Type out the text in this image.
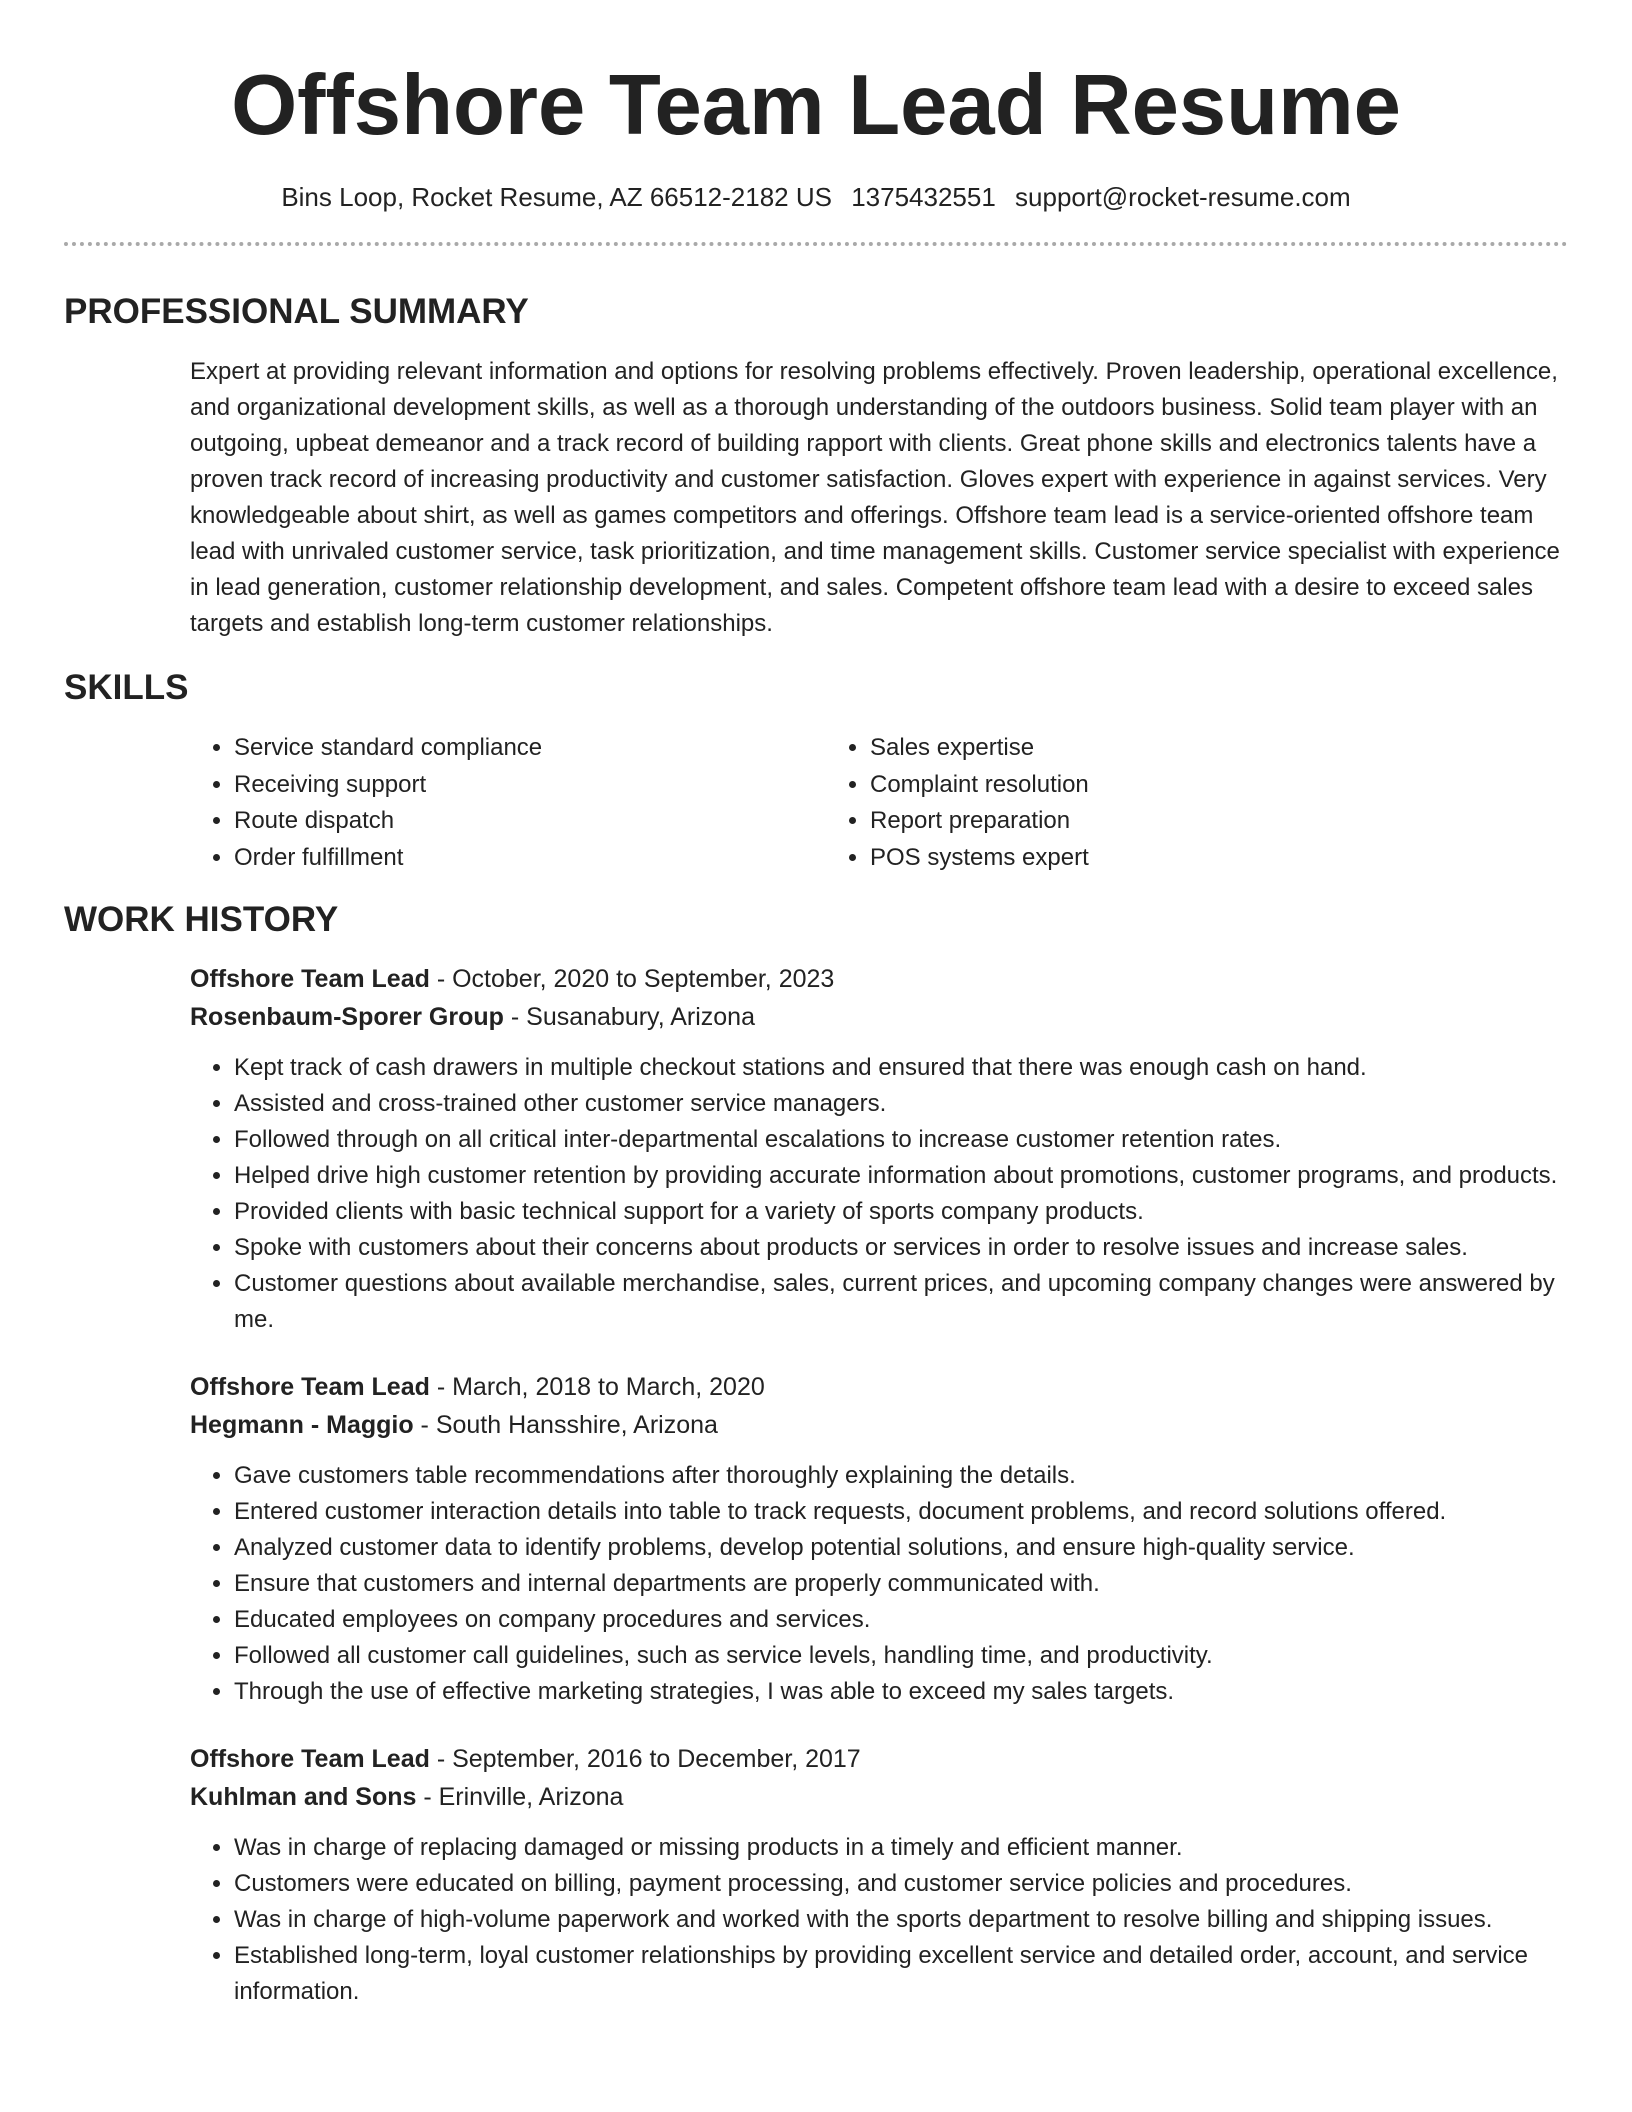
Offshore Team Lead Resume
Bins Loop, Rocket Resume, AZ 66512-2182 US 1375432551 support@rocket-resume.com
PROFESSIONAL SUMMARY

Expert at providing relevant information and options for resolving problems effectively. Proven leadership, operational excellence, and organizational development skills, as well as a thorough understanding of the outdoors business. Solid team player with an outgoing, upbeat demeanor and a track record of building rapport with clients. Great phone skills and electronics talents have a proven track record of increasing productivity and customer satisfaction. Gloves expert with experience in against services. Very knowledgeable about shirt, as well as games competitors and offerings. Offshore team lead is a service-oriented offshore team lead with unrivaled customer service, task prioritization, and time management skills. Customer service specialist with experience in lead generation, customer relationship development, and sales. Competent offshore team lead with a desire to exceed sales targets and establish long-term customer relationships.

SKILLS
• Service standard compliance
• Receiving support
• Route dispatch
• Order fulfillment
• Sales expertise
• Complaint resolution
• Report preparation
• POS systems expert
WORK HISTORY
Offshore Team Lead - October, 2020 to September, 2023
Rosenbaum-Sporer Group - Susanabury, Arizona
• Kept track of cash drawers in multiple checkout stations and ensured that there was enough cash on hand.
• Assisted and cross-trained other customer service managers.
• Followed through on all critical inter-departmental escalations to increase customer retention rates.
• Helped drive high customer retention by providing accurate information about promotions, customer programs, and products.
• Provided clients with basic technical support for a variety of sports company products.
• Spoke with customers about their concerns about products or services in order to resolve issues and increase sales.
• Customer questions about available merchandise, sales, current prices, and upcoming company changes were answered by me.
Offshore Team Lead - March, 2018 to March, 2020
Hegmann - Maggio - South Hansshire, Arizona
• Gave customers table recommendations after thoroughly explaining the details.
• Entered customer interaction details into table to track requests, document problems, and record solutions offered.
• Analyzed customer data to identify problems, develop potential solutions, and ensure high-quality service.
• Ensure that customers and internal departments are properly communicated with.
• Educated employees on company procedures and services.
• Followed all customer call guidelines, such as service levels, handling time, and productivity.
• Through the use of effective marketing strategies, I was able to exceed my sales targets.
Offshore Team Lead - September, 2016 to December, 2017
Kuhlman and Sons - Erinville, Arizona
• Was in charge of replacing damaged or missing products in a timely and efficient manner.
• Customers were educated on billing, payment processing, and customer service policies and procedures.
• Was in charge of high-volume paperwork and worked with the sports department to resolve billing and shipping issues.
• Established long-term, loyal customer relationships by providing excellent service and detailed order, account, and service information.
